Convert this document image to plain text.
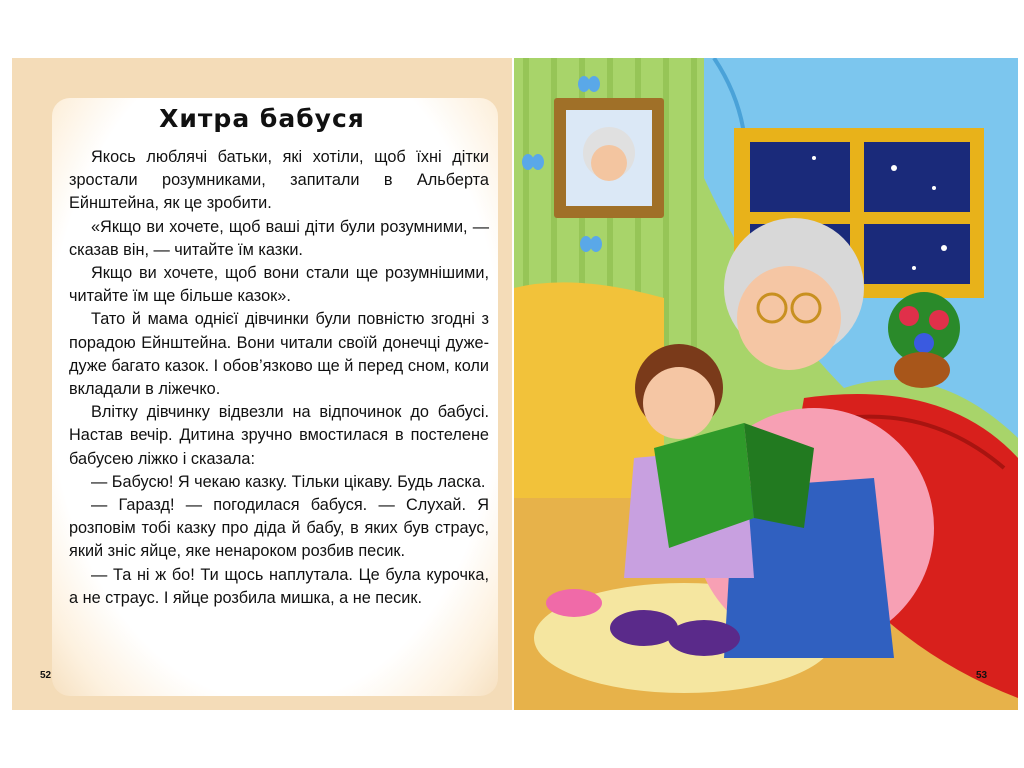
Хитра бабуся

Якось люблячі батьки, які хотіли, щоб їхні дітки зростали розумниками, запитали в Альберта Ейнштейна, як це зробити.

«Якщо ви хочете, щоб ваші діти були розумними, — сказав він, — читайте їм казки.

Якщо ви хочете, щоб вони стали ще розумнішими, читайте їм ще більше казок».

Тато й мама однієї дівчинки були повністю згодні з порадою Ейнштейна. Вони читали своїй донечці дуже-дуже багато казок. І обов’язково ще й перед сном, коли вкладали в ліжечко.

Влітку дівчинку відвезли на відпочинок до бабусі. Настав вечір. Дитина зручно вмостилася в постелене бабусею ліжко і сказала:

— Бабусю! Я чекаю казку. Тільки цікаву. Будь ласка.

— Гаразд! — погодилася бабуся. — Слухай. Я розповім тобі казку про діда й бабу, в яких був страус, який зніс яйце, яке ненароком розбив песик.

— Та ні ж бо! Ти щось наплутала. Це була курочка, а не страус. І яйце розбила мишка, а не песик.

52	53
